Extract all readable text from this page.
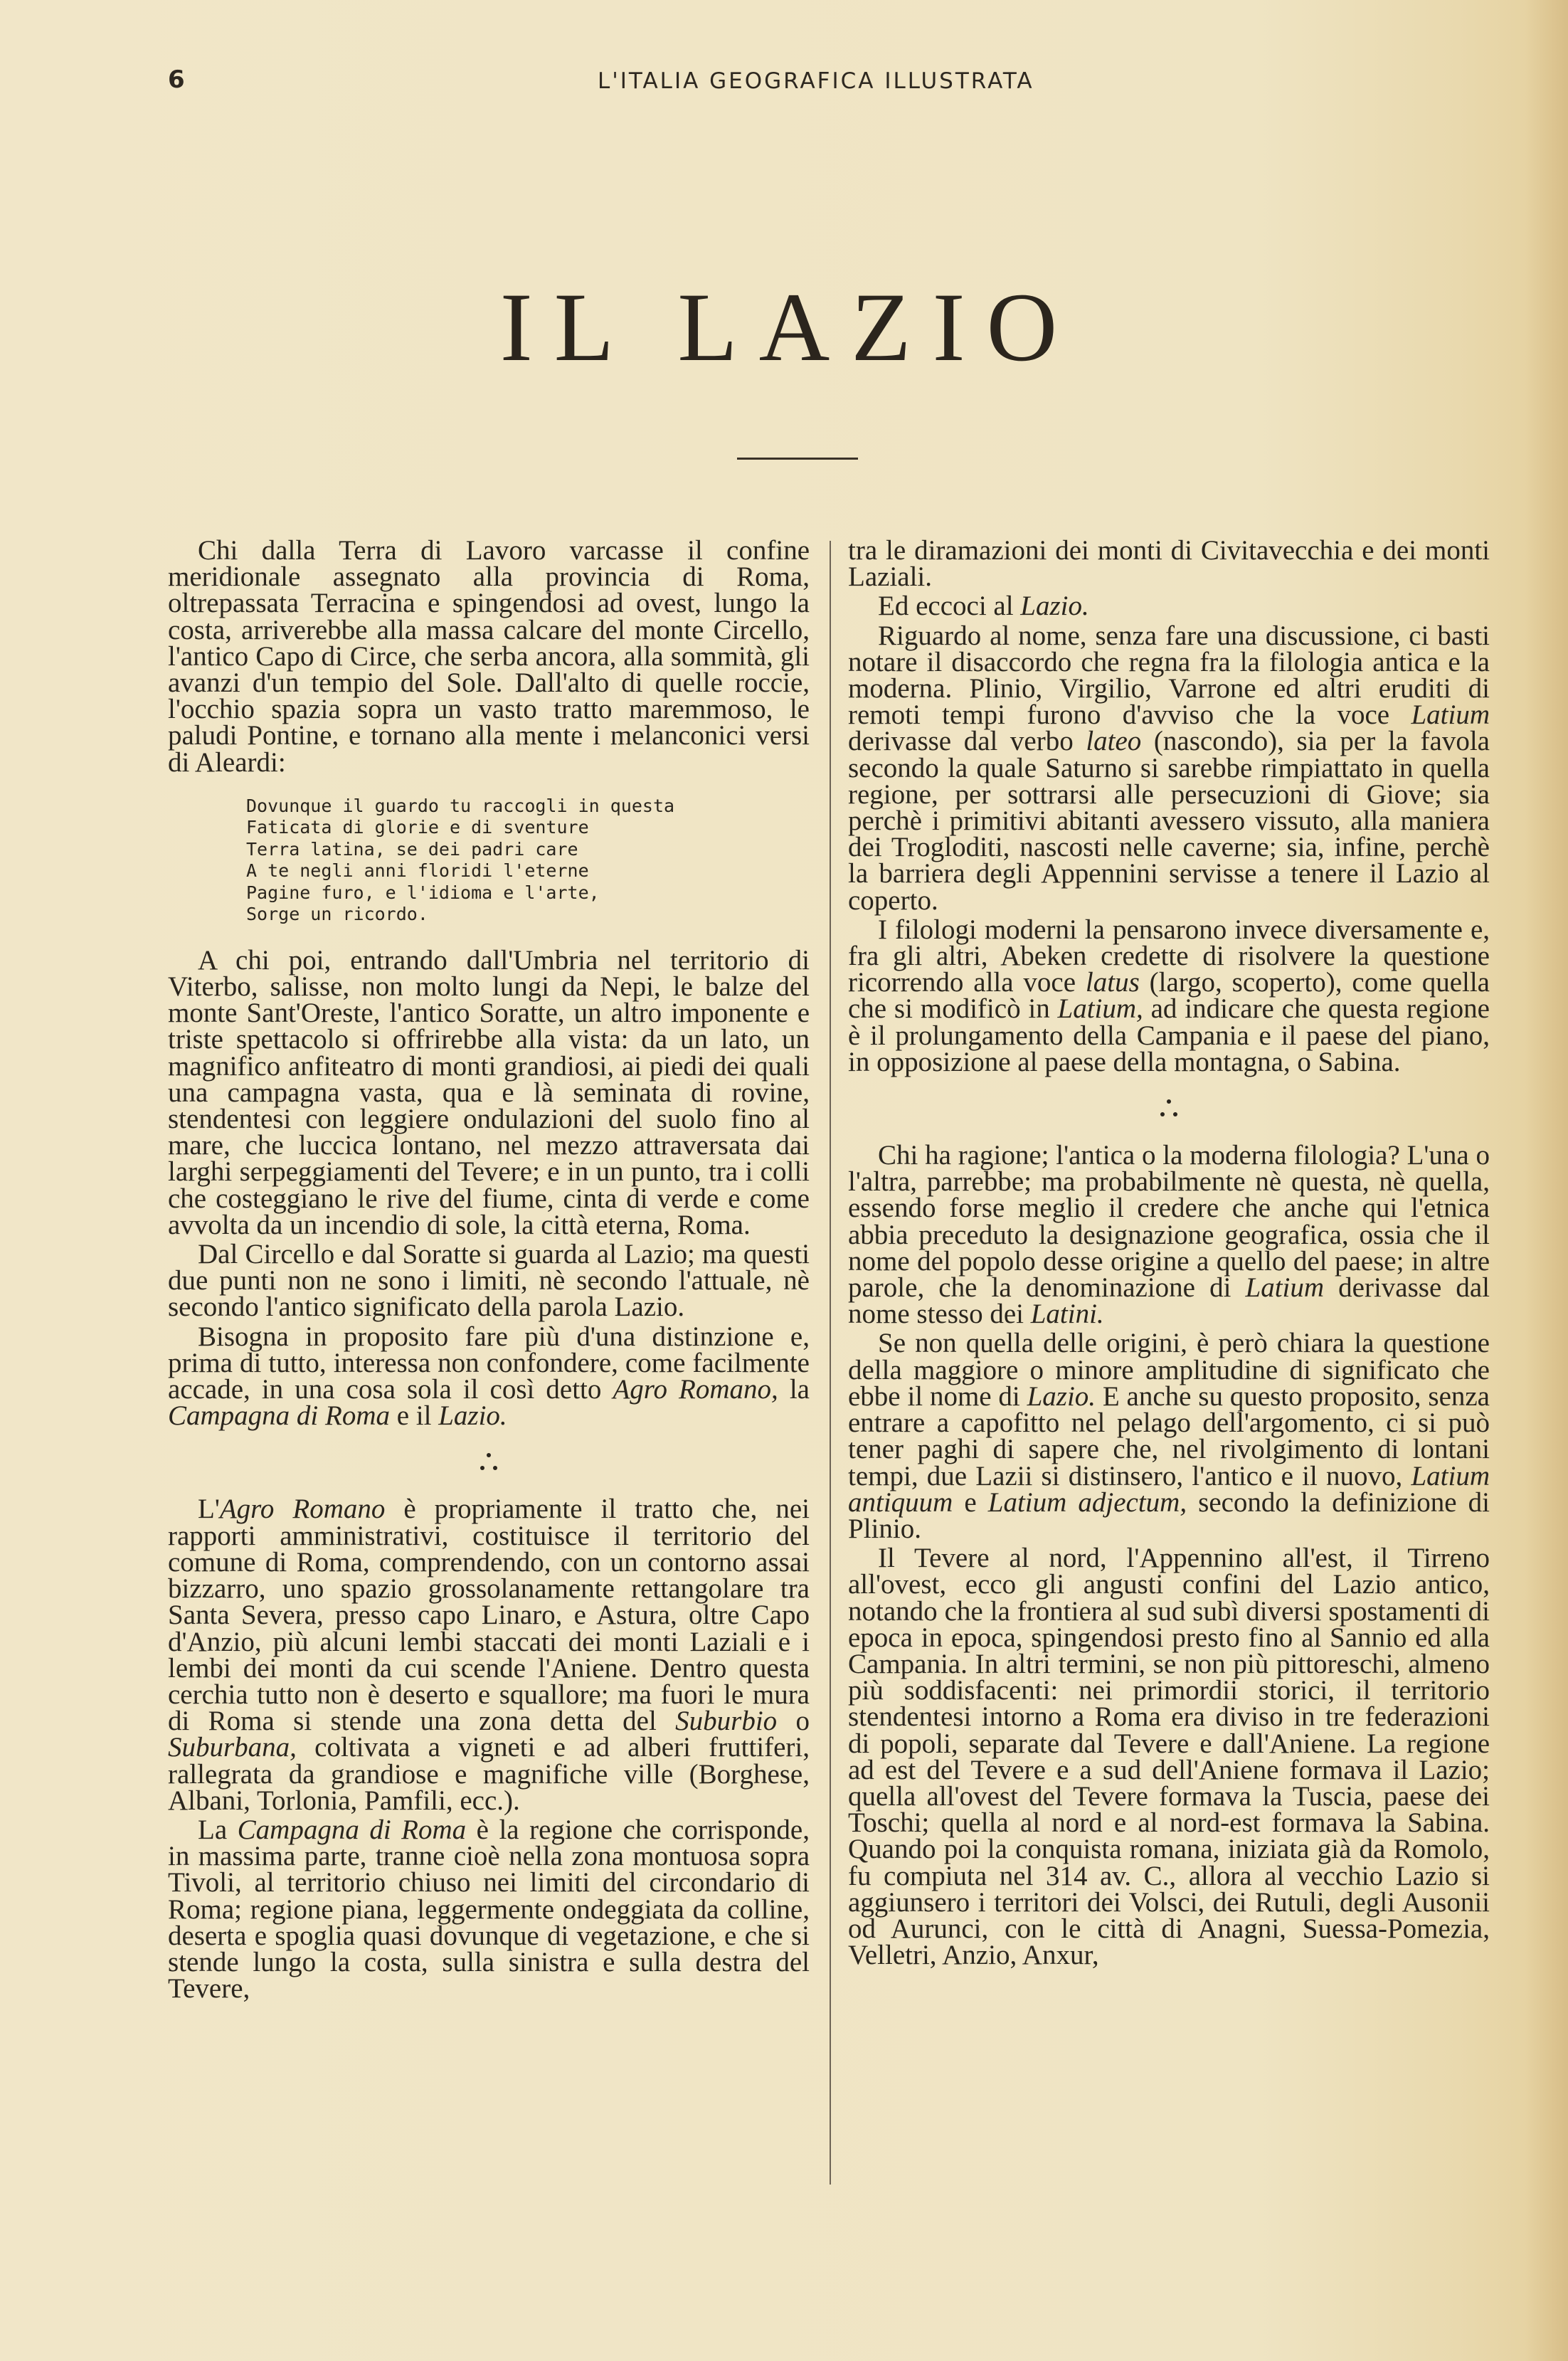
6	L'ITALIA GEOGRAFICA ILLUSTRATA
IL LAZIO

Chi dalla Terra di Lavoro varcasse il confine meridionale assegnato alla provincia di Roma, oltrepassata Terracina e spingendosi ad ovest, lungo la costa, arriverebbe alla massa calcare del monte Circello, l'antico Capo di Circe, che serba ancora, alla sommità, gli avanzi d'un tempio del Sole. Dall'alto di quelle roccie, l'occhio spazia sopra un vasto tratto maremmoso, le paludi Pontine, e tornano alla mente i melanconici versi di Aleardi:

Dovunque il guardo tu raccogli in questa
Faticata di glorie e di sventure
Terra latina, se dei padri care
A te negli anni floridi l'eterne
Pagine furo, e l'idioma e l'arte,
Sorge un ricordo.

A chi poi, entrando dall'Umbria nel territorio di Viterbo, salisse, non molto lungi da Nepi, le balze del monte Sant'Oreste, l'antico Soratte, un altro imponente e triste spettacolo si offrirebbe alla vista: da un lato, un magnifico anfiteatro di monti grandiosi, ai piedi dei quali una campagna vasta, qua e là seminata di rovine, stendentesi con leggiere ondulazioni del suolo fino al mare, che luccica lontano, nel mezzo attraversata dai larghi serpeggiamenti del Tevere; e in un punto, tra i colli che costeggiano le rive del fiume, cinta di verde e come avvolta da un incendio di sole, la città eterna, Roma.

Dal Circello e dal Soratte si guarda al Lazio; ma questi due punti non ne sono i limiti, nè secondo l'attuale, nè secondo l'antico significato della parola Lazio.

Bisogna in proposito fare più d'una distinzione e, prima di tutto, interessa non confondere, come facilmente accade, in una cosa sola il così detto Agro Romano, la Campagna di Roma e il Lazio.

L'Agro Romano è propriamente il tratto che, nei rapporti amministrativi, costituisce il territorio del comune di Roma, comprendendo, con un contorno assai bizzarro, uno spazio grossolanamente rettangolare tra Santa Severa, presso capo Linaro, e Astura, oltre Capo d'Anzio, più alcuni lembi staccati dei monti Laziali e i lembi dei monti da cui scende l'Aniene. Dentro questa cerchia tutto non è deserto e squallore; ma fuori le mura di Roma si stende una zona detta del Suburbio o Suburbana, coltivata a vigneti e ad alberi fruttiferi, rallegrata da grandiose e magnifiche ville (Borghese, Albani, Torlonia, Pamfili, ecc.).

La Campagna di Roma è la regione che corrisponde, in massima parte, tranne cioè nella zona montuosa sopra Tivoli, al territorio chiuso nei limiti del circondario di Roma; regione piana, leggermente ondeggiata da colline, deserta e spoglia quasi dovunque di vegetazione, e che si stende lungo la costa, sulla sinistra e sulla destra del Tevere,

tra le diramazioni dei monti di Civitavecchia e dei monti Laziali.

Ed eccoci al Lazio.

Riguardo al nome, senza fare una discussione, ci basti notare il disaccordo che regna fra la filologia antica e la moderna. Plinio, Virgilio, Varrone ed altri eruditi di remoti tempi furono d'avviso che la voce Latium derivasse dal verbo lateo (nascondo), sia per la favola secondo la quale Saturno si sarebbe rimpiattato in quella regione, per sottrarsi alle persecuzioni di Giove; sia perchè i primitivi abitanti avessero vissuto, alla maniera dei Trogloditi, nascosti nelle caverne; sia, infine, perchè la barriera degli Appennini servisse a tenere il Lazio al coperto.

I filologi moderni la pensarono invece diversamente e, fra gli altri, Abeken credette di risolvere la questione ricorrendo alla voce latus (largo, scoperto), come quella che si modificò in Latium, ad indicare che questa regione è il prolungamento della Campania e il paese del piano, in opposizione al paese della montagna, o Sabina.

Chi ha ragione; l'antica o la moderna filologia? L'una o l'altra, parrebbe; ma probabilmente nè questa, nè quella, essendo forse meglio il credere che anche qui l'etnica abbia preceduto la designazione geografica, ossia che il nome del popolo desse origine a quello del paese; in altre parole, che la denominazione di Latium derivasse dal nome stesso dei Latini.

Se non quella delle origini, è però chiara la questione della maggiore o minore amplitudine di significato che ebbe il nome di Lazio. E anche su questo proposito, senza entrare a capofitto nel pelago dell'argomento, ci si può tener paghi di sapere che, nel rivolgimento di lontani tempi, due Lazii si distinsero, l'antico e il nuovo, Latium antiquum e Latium adjectum, secondo la definizione di Plinio.

Il Tevere al nord, l'Appennino all'est, il Tirreno all'ovest, ecco gli angusti confini del Lazio antico, notando che la frontiera al sud subì diversi spostamenti di epoca in epoca, spingendosi presto fino al Sannio ed alla Campania. In altri termini, se non più pittoreschi, almeno più soddisfacenti: nei primordii storici, il territorio stendentesi intorno a Roma era diviso in tre federazioni di popoli, separate dal Tevere e dall'Aniene. La regione ad est del Tevere e a sud dell'Aniene formava il Lazio; quella all'ovest del Tevere formava la Tuscia, paese dei Toschi; quella al nord e al nord-est formava la Sabina. Quando poi la conquista romana, iniziata già da Romolo, fu compiuta nel 314 av. C., allora al vecchio Lazio si aggiunsero i territori dei Volsci, dei Rutuli, degli Ausonii od Aurunci, con le città di Anagni, Suessa-Pomezia, Velletri, Anzio, Anxur,
